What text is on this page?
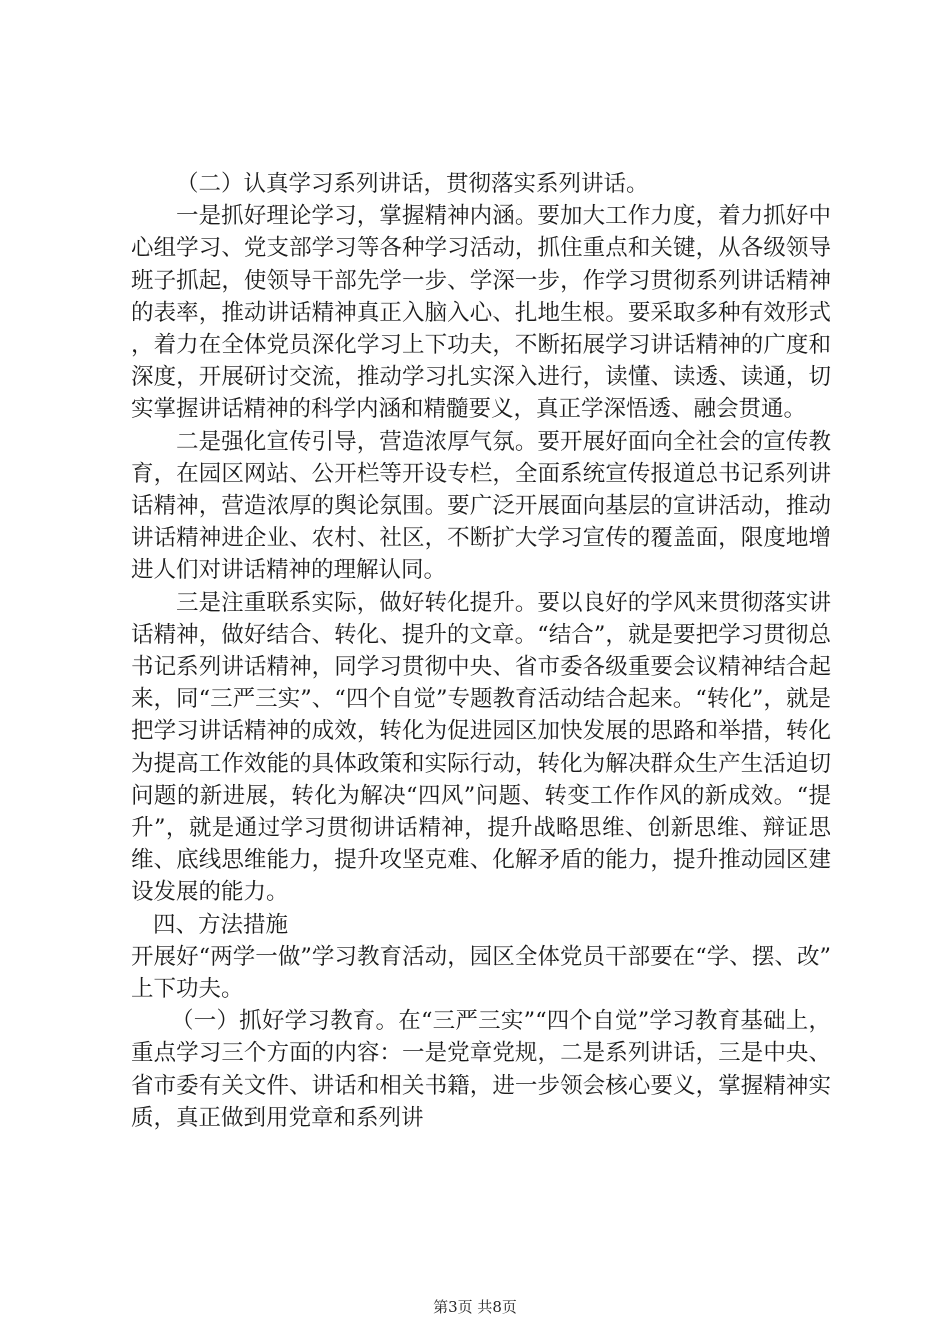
（二）认真学习系列讲话，贯彻落实系列讲话。

一是抓好理论学习，掌握精神内涵。要加大工作力度，着力抓好中心组学习、党支部学习等各种学习活动，抓住重点和关键，从各级领导班子抓起，使领导干部先学一步、学深一步，作学习贯彻系列讲话精神的表率，推动讲话精神真正入脑入心、扎地生根。要采取多种有效形式，着力在全体党员深化学习上下功夫，不断拓展学习讲话精神的广度和深度，开展研讨交流，推动学习扎实深入进行，读懂、读透、读通，切实掌握讲话精神的科学内涵和精髓要义，真正学深悟透、融会贯通。

二是强化宣传引导，营造浓厚气氛。要开展好面向全社会的宣传教育，在园区网站、公开栏等开设专栏，全面系统宣传报道总书记系列讲话精神，营造浓厚的舆论氛围。要广泛开展面向基层的宣讲活动，推动讲话精神进企业、农村、社区，不断扩大学习宣传的覆盖面，限度地增进人们对讲话精神的理解认同。

三是注重联系实际，做好转化提升。要以良好的学风来贯彻落实讲话精神，做好结合、转化、提升的文章。“结合”，就是要把学习贯彻总书记系列讲话精神，同学习贯彻中央、省市委各级重要会议精神结合起来，同“三严三实”、“四个自觉”专题教育活动结合起来。“转化”，就是把学习讲话精神的成效，转化为促进园区加快发展的思路和举措，转化为提高工作效能的具体政策和实际行动，转化为解决群众生产生活迫切问题的新进展，转化为解决“四风”问题、转变工作作风的新成效。“提升”，就是通过学习贯彻讲话精神，提升战略思维、创新思维、辩证思维、底线思维能力，提升攻坚克难、化解矛盾的能力，提升推动园区建设发展的能力。

四、方法措施

开展好“两学一做”学习教育活动，园区全体党员干部要在“学、摆、改”上下功夫。

（一）抓好学习教育。在“三严三实”“四个自觉”学习教育基础上，重点学习三个方面的内容：一是党章党规，二是系列讲话，三是中央、省市委有关文件、讲话和相关书籍，进一步领会核心要义，掌握精神实质，真正做到用党章和系列讲

第3页 共8页
